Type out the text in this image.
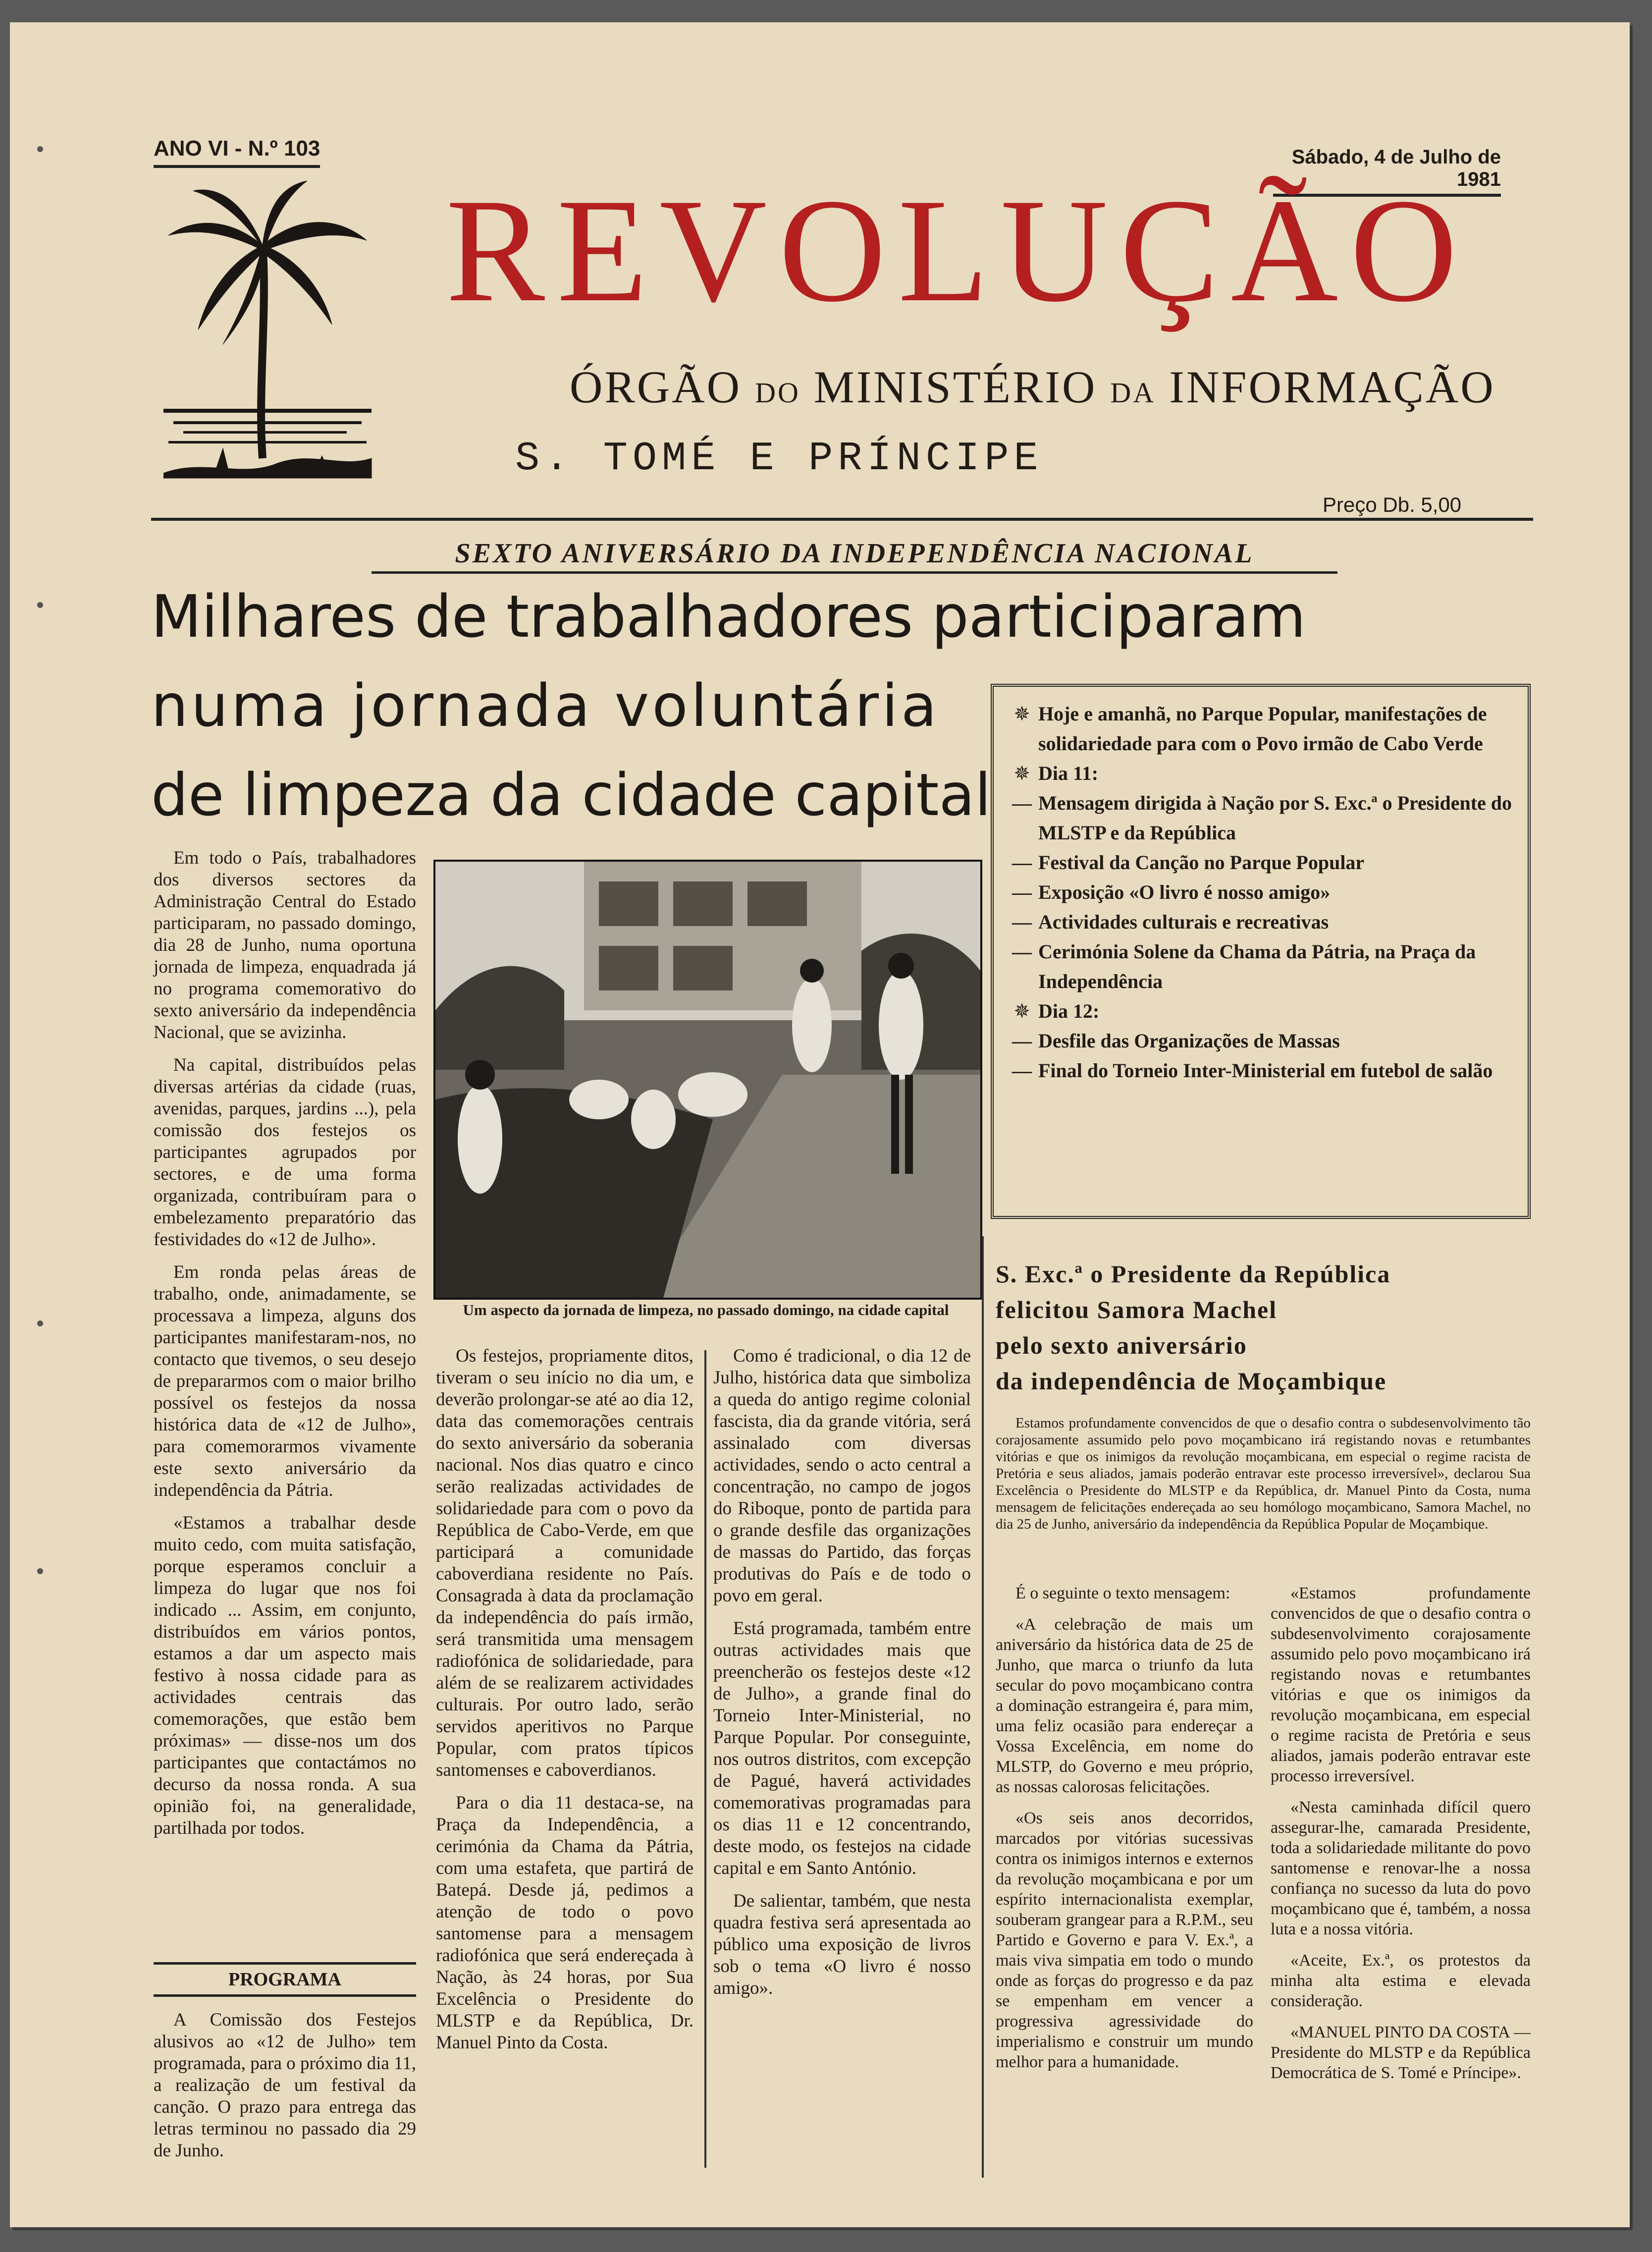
ANO VI - N.º 103	Sábado, 4 de Julho de 1981
REVOLUÇÃO
ÓRGÃO DO MINISTÉRIO DA INFORMAÇÃO
S. TOMÉ E PRÍNCIPE
Preço Db. 5,00
SEXTO ANIVERSÁRIO DA INDEPENDÊNCIA NACIONAL
Milhares de trabalhadores participaram
numa jornada voluntária
de limpeza da cidade capital

Em todo o País, trabalhadores dos diversos sectores da Administração Central do Estado participaram, no passado domingo, dia 28 de Junho, numa oportuna jornada de limpeza, enquadrada já no programa comemorativo do sexto aniversário da independência Nacional, que se avizinha.

Na capital, distribuídos pelas diversas artérias da cidade (ruas, avenidas, parques, jardins ...), pela comissão dos festejos os participantes agrupados por sectores, e de uma forma organizada, contribuíram para o embelezamento preparatório das festividades do «12 de Julho».

Em ronda pelas áreas de trabalho, onde, animadamente, se processava a limpeza, alguns dos participantes manifestaram-nos, no contacto que tivemos, o seu desejo de prepararmos com o maior brilho possível os festejos da nossa histórica data de «12 de Julho», para comemorarmos vivamente este sexto aniversário da independência da Pátria.

«Estamos a trabalhar desde muito cedo, com muita satisfação, porque esperamos concluir a limpeza do lugar que nos foi indicado ... Assim, em conjunto, distribuídos em vários pontos, estamos a dar um aspecto mais festivo à nossa cidade para as actividades centrais das comemorações, que estão bem próximas» — disse-nos um dos participantes que contactámos no decurso da nossa ronda. A sua opinião foi, na generalidade, partilhada por todos.

PROGRAMA

A Comissão dos Festejos alusivos ao «12 de Julho» tem programada, para o próximo dia 11, a realização de um festival da canção. O prazo para entrega das letras terminou no passado dia 29 de Junho.

Um aspecto da jornada de limpeza, no passado domingo, na cidade capital

Os festejos, propriamente ditos, tiveram o seu início no dia um, e deverão prolongar-se até ao dia 12, data das comemorações centrais do sexto aniversário da soberania nacional. Nos dias quatro e cinco serão realizadas actividades de solidariedade para com o povo da República de Cabo-Verde, em que participará a comunidade caboverdiana residente no País. Consagrada à data da proclamação da independência do país irmão, será transmitida uma mensagem radiofónica de solidariedade, para além de se realizarem actividades culturais. Por outro lado, serão servidos aperitivos no Parque Popular, com pratos típicos santomenses e caboverdianos.

Para o dia 11 destaca-se, na Praça da Independência, a cerimónia da Chama da Pátria, com uma estafeta, que partirá de Batepá. Desde já, pedimos a atenção de todo o povo santomense para a mensagem radiofónica que será endereçada à Nação, às 24 horas, por Sua Excelência o Presidente do MLSTP e da República, Dr. Manuel Pinto da Costa.

Como é tradicional, o dia 12 de Julho, histórica data que simboliza a queda do antigo regime colonial fascista, dia da grande vitória, será assinalado com diversas actividades, sendo o acto central a concentração, no campo de jogos do Riboque, ponto de partida para o grande desfile das organizações de massas do Partido, das forças produtivas do País e de todo o povo em geral.

Está programada, também entre outras actividades mais que preencherão os festejos deste «12 de Julho», a grande final do Torneio Inter-Ministerial, no Parque Popular. Por conseguinte, nos outros distritos, com excepção de Pagué, haverá actividades comemorativas programadas para os dias 11 e 12 concentrando, deste modo, os festejos na cidade capital e em Santo António.

De salientar, também, que nesta quadra festiva será apresentada ao público uma exposição de livros sob o tema «O livro é nosso amigo».

✵ Hoje e amanhã, no Parque Popular, manifestações de solidariedade para com o Povo irmão de Cabo Verde
✵ Dia 11:
— Mensagem dirigida à Nação por S. Exc.ª o Presidente do MLSTP e da República
— Festival da Canção no Parque Popular
— Exposição «O livro é nosso amigo»
— Actividades culturais e recreativas
— Cerimónia Solene da Chama da Pátria, na Praça da Independência
✵ Dia 12:
— Desfile das Organizações de Massas
— Final do Torneio Inter-Ministerial em futebol de salão
S. Exc.ª o Presidente da República
felicitou Samora Machel
pelo sexto aniversário
da independência de Moçambique

Estamos profundamente convencidos de que o desafio contra o subdesenvolvimento tão corajosamente assumido pelo povo moçambicano irá registando novas e retumbantes vitórias e que os inimigos da revolução moçambicana, em especial o regime racista de Pretória e seus aliados, jamais poderão entravar este processo irreversível», declarou Sua Excelência o Presidente do MLSTP e da República, dr. Manuel Pinto da Costa, numa mensagem de felicitações endereçada ao seu homólogo moçambicano, Samora Machel, no dia 25 de Junho, aniversário da independência da República Popular de Moçambique.

É o seguinte o texto mensagem:

«A celebração de mais um aniversário da histórica data de 25 de Junho, que marca o triunfo da luta secular do povo moçambicano contra a dominação estrangeira é, para mim, uma feliz ocasião para endereçar a Vossa Excelência, em nome do MLSTP, do Governo e meu próprio, as nossas calorosas felicitações.

«Os seis anos decorridos, marcados por vitórias sucessivas contra os inimigos internos e externos da revolução moçambicana e por um espírito internacionalista exemplar, souberam grangear para a R.P.M., seu Partido e Governo e para V. Ex.ª, a mais viva simpatia em todo o mundo onde as forças do progresso e da paz se empenham em vencer a progressiva agressividade do imperialismo e construir um mundo melhor para a humanidade.

«Estamos profundamente convencidos de que o desafio contra o subdesenvolvimento corajosamente assumido pelo povo moçambicano irá registando novas e retumbantes vitórias e que os inimigos da revolução moçambicana, em especial o regime racista de Pretória e seus aliados, jamais poderão entravar este processo irreversível.

«Nesta caminhada difícil quero assegurar-lhe, camarada Presidente, toda a solidariedade militante do povo santomense e renovar-lhe a nossa confiança no sucesso da luta do povo moçambicano que é, também, a nossa luta e a nossa vitória.

«Aceite, Ex.ª, os protestos da minha alta estima e elevada consideração.

«MANUEL PINTO DA COSTA — Presidente do MLSTP e da República Democrática de S. Tomé e Príncipe».
